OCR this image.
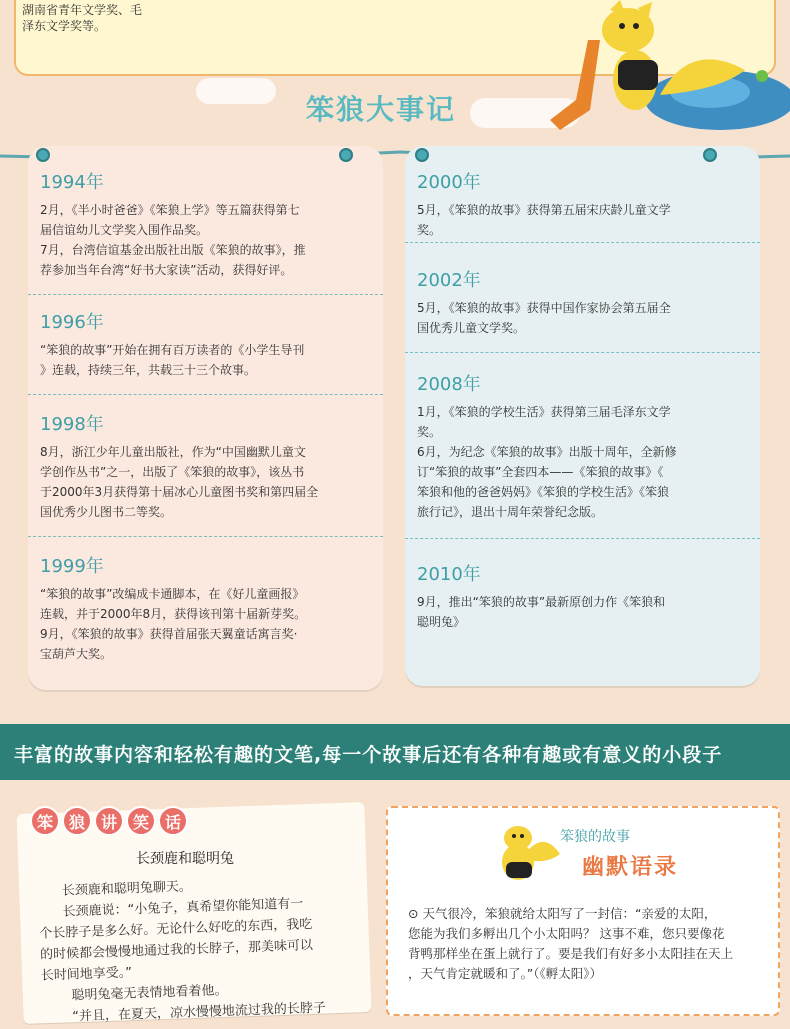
湖南省青年文学奖、毛
泽东文学奖等。
笨狼大事记
1994年
2月，《半小时爸爸》《笨狼上学》等五篇获得第七
届信谊幼儿文学奖入围作品奖。
7月，台湾信谊基金出版社出版《笨狼的故事》，推
荐参加当年台湾“好书大家读”活动，获得好评。
1996年
“笨狼的故事”开始在拥有百万读者的《小学生导刊
》连载，持续三年，共载三十三个故事。
1998年
8月，浙江少年儿童出版社，作为“中国幽默儿童文
学创作丛书”之一，出版了《笨狼的故事》，该丛书
于2000年3月获得第十届冰心儿童图书奖和第四届全
国优秀少儿图书二等奖。
1999年
“笨狼的故事”改编成卡通脚本，在《好儿童画报》
连载，并于2000年8月，获得该刊第十届新芽奖。
9月，《笨狼的故事》获得首届张天翼童话寓言奖·
宝葫芦大奖。
2000年
5月，《笨狼的故事》获得第五届宋庆龄儿童文学
奖。
2002年
5月，《笨狼的故事》获得中国作家协会第五届全
国优秀儿童文学奖。
2008年
1月，《笨狼的学校生活》获得第三届毛泽东文学
奖。
6月，为纪念《笨狼的故事》出版十周年，全新修
订“笨狼的故事”全套四本——《笨狼的故事》《
笨狼和他的爸爸妈妈》《笨狼的学校生活》《笨狼
旅行记》，退出十周年荣誉纪念版。
2010年
9月，推出“笨狼的故事”最新原创力作《笨狼和
聪明兔》
丰富的故事内容和轻松有趣的文笔,每一个故事后还有各种有趣或有意义的小段子
笨 狼 讲 笑 话
长颈鹿和聪明兔
长颈鹿和聪明兔聊天。
长颈鹿说：“小兔子，真希望你能知道有一
个长脖子是多么好。无论什么好吃的东西，我吃
的时候都会慢慢地通过我的长脖子，那美味可以
长时间地享受。”
聪明兔毫无表情地看着他。
“并且，在夏天，凉水慢慢地流过我的长脖子
笨狼的故事
幽默语录
⊙ 天气很冷，笨狼就给太阳写了一封信：“亲爱的太阳，
您能为我们多孵出几个小太阳吗？ 这事不难，您只要像花
背鸭那样坐在蛋上就行了。要是我们有好多小太阳挂在天上
，天气肯定就暖和了。”（《孵太阳》）
